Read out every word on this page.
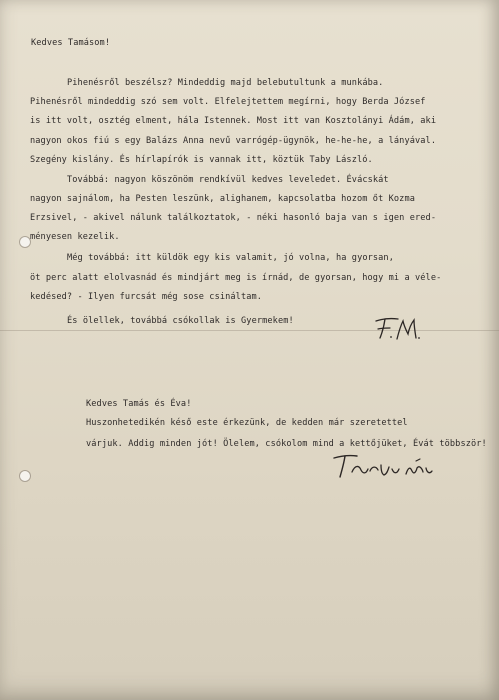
Kedves Tamásom!
Pihenésről beszélsz? Mindeddig majd belebutultunk a munkába.
Pihenésről mindeddig szó sem volt. Elfelejtettem megírni, hogy Berda József
is itt volt, osztég elment, hála Istennek. Most itt van Kosztolányi Ádám, aki
nagyon okos fiú s egy Balázs Anna nevű varrógép-ügynök, he-he-he, a lányával.
Szegény kislány. És hírlapírók is vannak itt, köztük Taby László.
Továbbá: nagyon köszönöm rendkívül kedves leveledet. Évácskát
nagyon sajnálom, ha Pesten leszünk, alighanem, kapcsolatba hozom őt Kozma
Erzsivel, - akivel nálunk találkoztatok, - néki hasonló baja van s igen ered-
ményesen kezelik.
Még továbbá: itt küldök egy kis valamit, jó volna, ha gyorsan,
öt perc alatt elolvasnád és mindjárt meg is írnád, de gyorsan, hogy mi a véle-
kedésed? - Ilyen furcsát még sose csináltam.
És ölellek, továbbá csókollak is Gyermekem!
Kedves Tamás és Éva!
Huszonhetedikén késő este érkezünk, de kedden már szeretettel
várjuk. Addig minden jót! Ölelem, csókolom mind a kettőjüket, Évát többször!
